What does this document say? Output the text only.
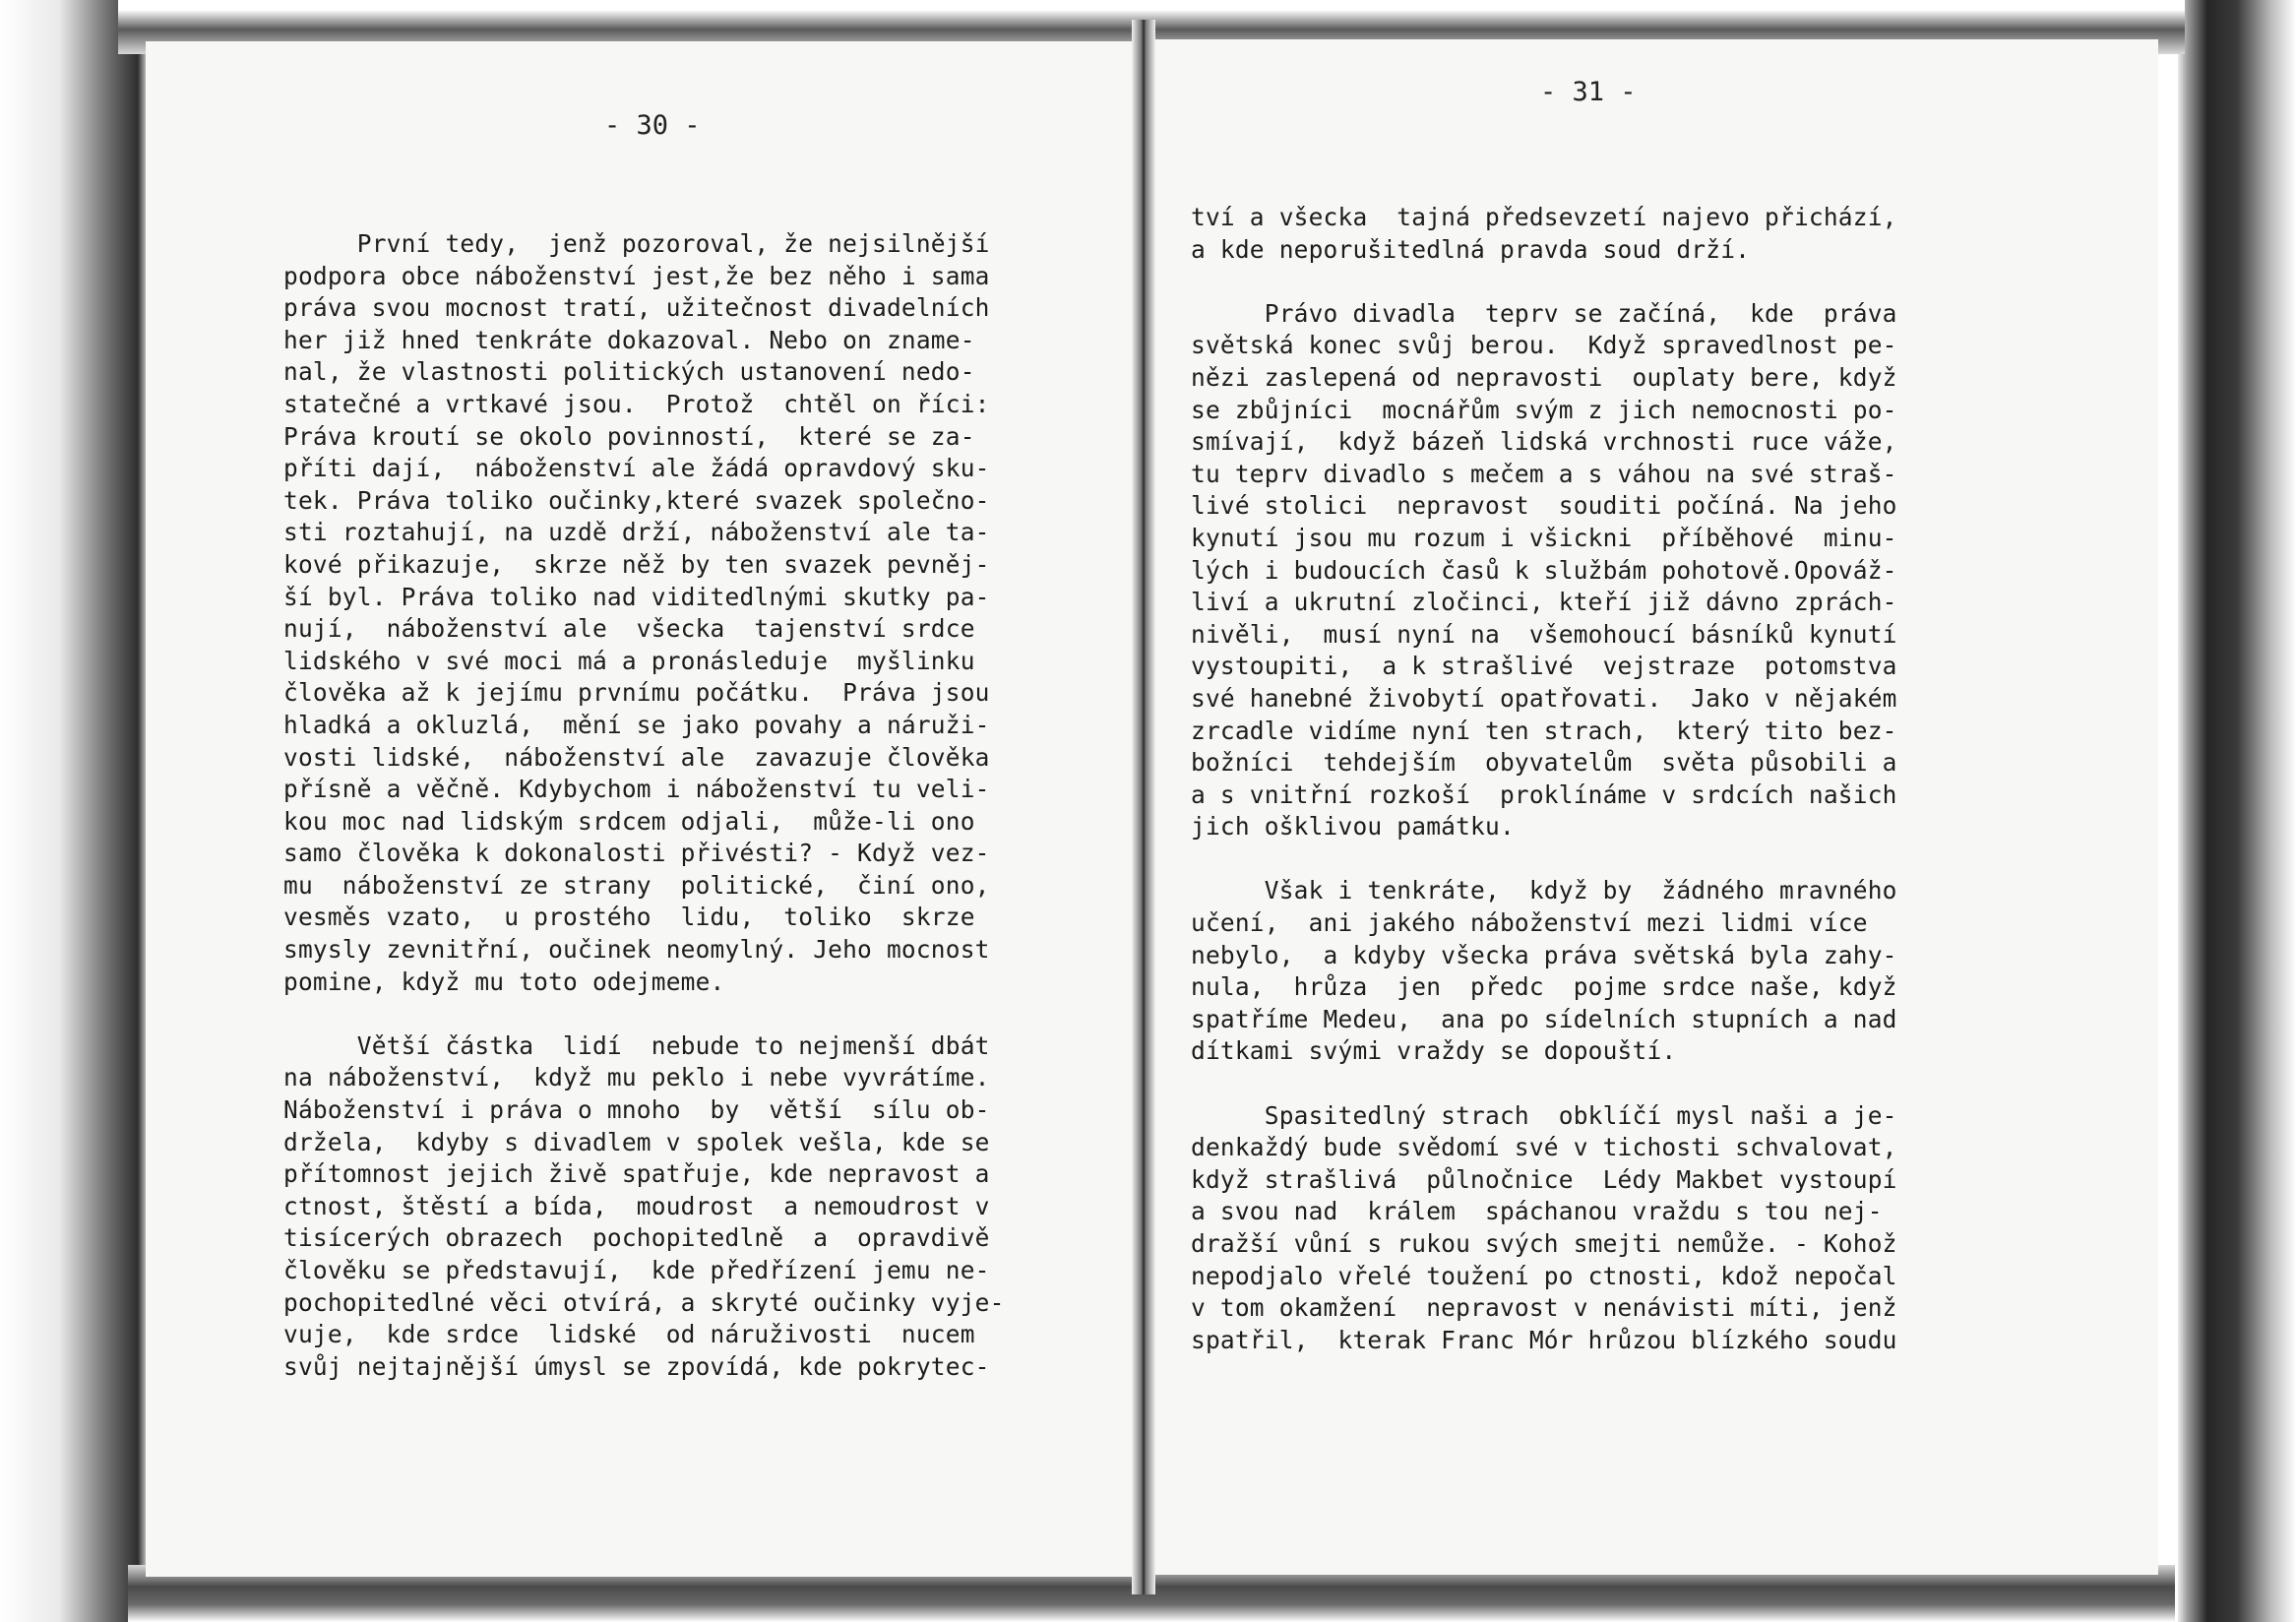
- 30 -
- 31 -
První tedy,  jenž pozoroval, že nejsilnější
podpora obce náboženství jest,že bez něho i sama
práva svou mocnost tratí, užitečnost divadelních
her již hned tenkráte dokazoval. Nebo on zname-
nal, že vlastnosti politických ustanovení nedo-
statečné a vrtkavé jsou.  Protož  chtěl on říci:
Práva kroutí se okolo povinností,  které se za-
příti dají,  náboženství ale žádá opravdový sku-
tek. Práva toliko oučinky,které svazek společno-
sti roztahují, na uzdě drží, náboženství ale ta-
kové přikazuje,  skrze něž by ten svazek pevněj-
ší byl. Práva toliko nad viditedlnými skutky pa-
nují,  náboženství ale  všecka  tajenství srdce
lidského v své moci má a pronásleduje  myšlinku
člověka až k jejímu prvnímu počátku.  Práva jsou
hladká a okluzlá,  mění se jako povahy a náruži-
vosti lidské,  náboženství ale  zavazuje člověka
přísně a věčně. Kdybychom i náboženství tu veli-
kou moc nad lidským srdcem odjali,  může-li ono
samo člověka k dokonalosti přivésti? - Když vez-
mu  náboženství ze strany  politické,  činí ono,
vesměs vzato,  u prostého  lidu,  toliko  skrze
smysly zevnitřní, oučinek neomylný. Jeho mocnost
pomine, když mu toto odejmeme.
Větší částka  lidí  nebude to nejmenší dbát
na náboženství,  když mu peklo i nebe vyvrátíme.
Náboženství i práva o mnoho  by  větší  sílu ob-
držela,  kdyby s divadlem v spolek vešla, kde se
přítomnost jejich živě spatřuje, kde nepravost a
ctnost, štěstí a bída,  moudrost  a nemoudrost v
tisícerých obrazech  pochopitedlně  a  opravdivě
člověku se představují,  kde předřízení jemu ne-
pochopitedlné věci otvírá, a skryté oučinky vyje-
vuje,  kde srdce  lidské  od náruživosti  nucem
svůj nejtajnější úmysl se zpovídá, kde pokrytec-
tví a všecka  tajná předsevzetí najevo přichází,
a kde neporušitedlná pravda soud drží.
Právo divadla  teprv se začíná,  kde  práva
světská konec svůj berou.  Když spravedlnost pe-
nězi zaslepená od nepravosti  ouplaty bere, když
se zbůjníci  mocnářům svým z jich nemocnosti po-
smívají,  když bázeň lidská vrchnosti ruce váže,
tu teprv divadlo s mečem a s váhou na své straš-
livé stolici  nepravost  souditi počíná. Na jeho
kynutí jsou mu rozum i všickni  příběhové  minu-
lých i budoucích časů k službám pohotově.Opováž-
liví a ukrutní zločinci, kteří již dávno zprách-
nivěli,  musí nyní na  všemohoucí básníků kynutí
vystoupiti,  a k strašlivé  vejstraze  potomstva
své hanebné živobytí opatřovati.  Jako v nějakém
zrcadle vidíme nyní ten strach,  který tito bez-
božníci  tehdejším  obyvatelům  světa působili a
a s vnitřní rozkoší  proklínáme v srdcích našich
jich ošklivou památku.
Však i tenkráte,  když by  žádného mravného
učení,  ani jakého náboženství mezi lidmi více
nebylo,  a kdyby všecka práva světská byla zahy-
nula,  hrůza  jen  předc  pojme srdce naše, když
spatříme Medeu,  ana po sídelních stupních a nad
dítkami svými vraždy se dopouští.
Spasitedlný strach  obklíčí mysl naši a je-
denkaždý bude svědomí své v tichosti schvalovat,
když strašlivá  půlnočnice  Lédy Makbet vystoupí
a svou nad  králem  spáchanou vraždu s tou nej-
dražší vůní s rukou svých smejti nemůže. - Kohož
nepodjalo vřelé toužení po ctnosti, kdož nepočal
v tom okamžení  nepravost v nenávisti míti, jenž
spatřil,  kterak Franc Mór hrůzou blízkého soudu
